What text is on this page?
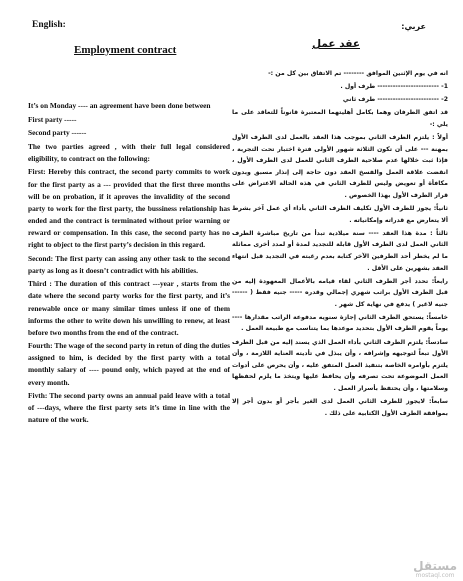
English:
Employment contract

It’s on Monday ---- an agreement have been done between

First party -----

Second party ------

The two parties agreed , with their full legal considered eligibility, to contract on the following:

First: Hereby this contract, the second party commits to work for the first party as a --- provided that the first three months will be on probation, if it aproves the invalidity of the second party to work for the first party, the bussiness relationship has ended and the contract is terminated without prior warning or reward or compensation. In this case, the second party has no right to object to the first party’s decision in this regard.

Second: The first party can assing any other task to the second party as long as it doesn’t contradict with his abilities.

Third : The duration of this contract ---year , starts from the date where the second party works for the first party, and it’s renewable once or many similar times unless if one of them informs the other to write down his unwilling to renew, at least before two months from the end of the contract.

Fourth: The wage of the second party in retun of ding the duties assigned to him, is decided by the first party with a total monthly salary of ---- pound only, which payed at the end of every month.

Fivth: The second party owns an annual paid leave with a total of ---days, where the first party sets it’s time in line with the nature of the work.

عربي:
عقد عمل

انه في يوم الإثنين الموافق -------- تم الاتفاق بين كل من :-

1- ------------------------ طرف أول .

2- ------------------------ طرف ثاني

قد اتفق الطرفان وهما بكامل أهليتهما المعتبرة قانوناً للتعاقد على ما يلي :-

أولاً : يلتزم الطرف الثاني بموجب هذا العقد بالعمل لدى الطرف الأول بمهنة --- على أن تكون الثلاثة شهور الأولى فترة اختبار تحت التجربة ، فإذا ثبت خلالها عدم صلاحية الطرف الثاني للعمل لدى الطرف الأول ، انقضت علاقة العمل والفسخ العقد دون حاجة إلى إنذار مسبق وبدون مكافأة أو تعويض وليس للطرف الثاني في هذه الحالة الاعتراض على قرار الطرف الأول بهذا الخصوص .

ثانياً: يجوز للطرف الأول تكليف الطرف الثاني بأداء أي عمل آخر بشرط ألا يتعارض مع قدراته وإمكانياته .

ثالثاً : مدة هذا العقد ---- سنة ميلادية تبدأ من تاريخ مباشرة الطرف الثاني العمل لدى الطرف الأول قابلة للتجديد لمدة أو لمدد أخرى مماثلة ما لم يخطر أحد الطرفين الآخر كتابة بعدم رغبته في التجديد قبل انتهاء العقد بشهرين على الأقل .

رابعاً: تحدد أجر الطرف الثاني لقاء قيامه بالأعمال المعهودة إليه من قبل الطرف الأول براتب شهري إجمالي وقدره ----- جنيه فقط ( ------ جنيه لاغير ) يدفع في نهاية كل شهر .

خامساً: يستحق الطرف الثاني إجازة سنويه مدفوعة الراتب مقدارها ---- يوماً يقوم الطرف الأول بتحديد موعدها بما يتناسب مع طبيعة العمل .

سادساً: يلتزم الطرف الثاني بأداء العمل الذي يسند إليه من قبل الطرف الأول تبعاً لتوجيهه وإشرافه ، وأن يبذل في تأديته العناية اللازمة ، وأن يلتزم بأوامره الخاصة بتنفيذ العمل المتفق عليه ، وأن يحرص على أدوات العمل الموضوعة تحت تصرفه وأن يحافظ عليها ويتخذ ما يلزم لحفظها وسلامتها ، وأن يحتفظ بأسرار العمل .

سابعاً: لايجوز للطرف الثاني العمل لدى الغير بأجر أو بدون أجر إلا بموافقة الطرف الأول الكتابية على ذلك .

مستقل
mostaql.com
